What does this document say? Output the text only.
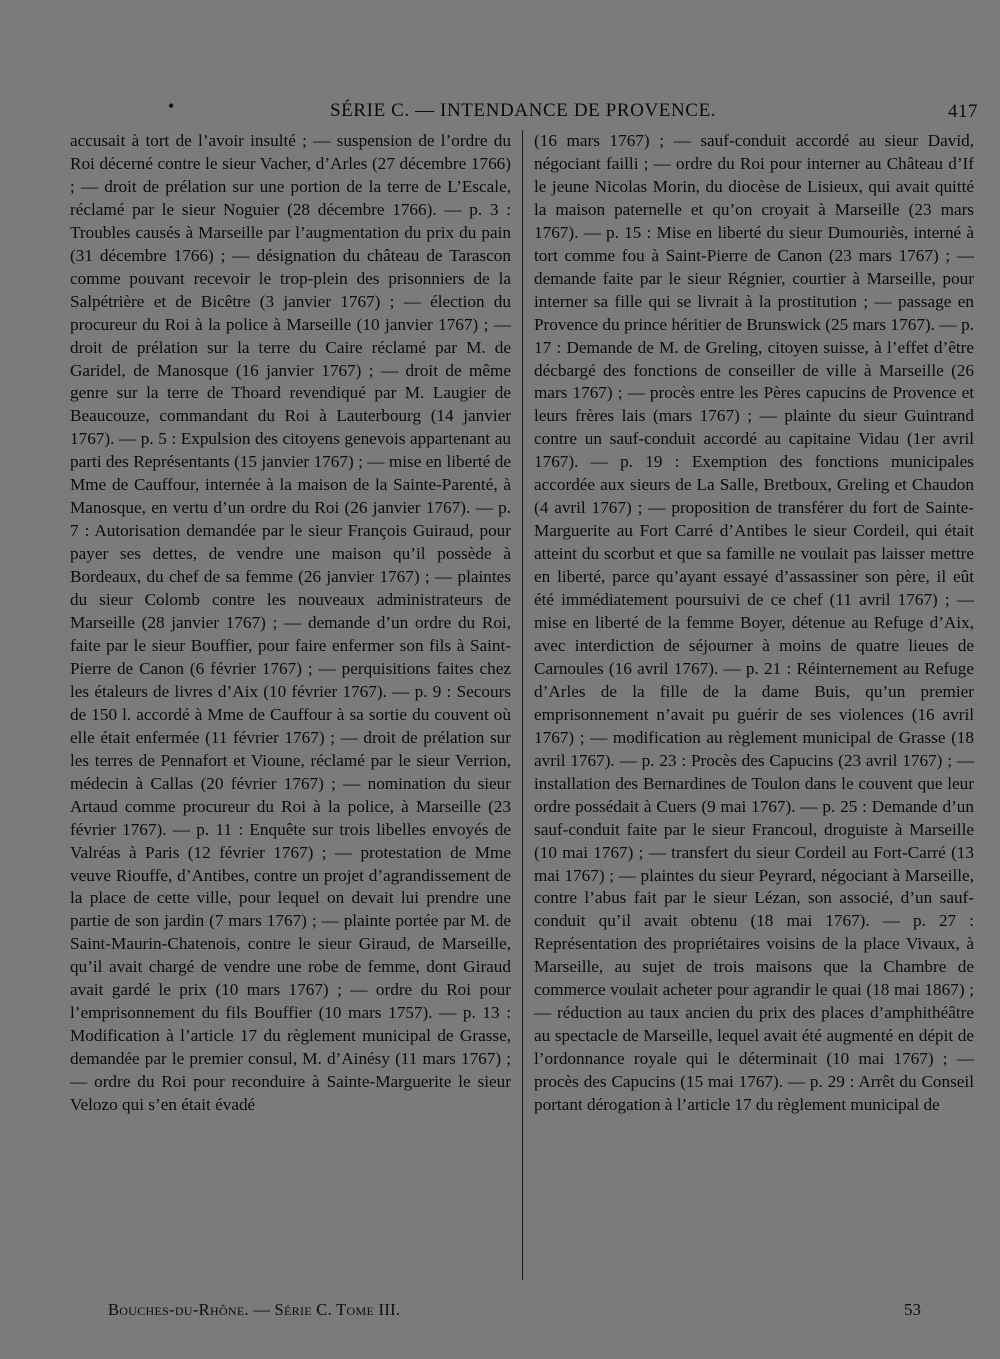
•	SÉRIE C. — INTENDANCE DE PROVENCE.	417
accusait à tort de l’avoir insulté ; — suspension de l’ordre du Roi décerné contre le sieur Vacher, d’Arles (27 décembre 1766) ; — droit de prélation sur une portion de la terre de L’Escale, réclamé par le sieur Noguier (28 décembre 1766). — p. 3 : Troubles causés à Marseille par l’augmentation du prix du pain (31 décembre 1766) ; — désignation du château de Tarascon comme pouvant recevoir le trop-plein des prisonniers de la Salpétrière et de Bicêtre (3 janvier 1767) ; — élection du procureur du Roi à la police à Marseille (10 janvier 1767) ; — droit de prélation sur la terre du Caire réclamé par M. de Garidel, de Manosque (16 janvier 1767) ; — droit de même genre sur la terre de Thoard revendiqué par M. Laugier de Beaucouze, commandant du Roi à Lauterbourg (14 janvier 1767). — p. 5 : Expulsion des citoyens genevois appartenant au parti des Représentants (15 janvier 1767) ; — mise en liberté de Mme de Cauffour, internée à la maison de la Sainte-Parenté, à Manosque, en vertu d’un ordre du Roi (26 janvier 1767). — p. 7 : Autorisation demandée par le sieur François Guiraud, pour payer ses dettes, de vendre une maison qu’il possède à Bordeaux, du chef de sa femme (26 janvier 1767) ; — plaintes du sieur Colomb contre les nouveaux administrateurs de Marseille (28 janvier 1767) ; — demande d’un ordre du Roi, faite par le sieur Bouffier, pour faire enfermer son fils à Saint-Pierre de Canon (6 février 1767) ; — perquisitions faites chez les étaleurs de livres d’Aix (10 février 1767). — p. 9 : Secours de 150 l. accordé à Mme de Cauffour à sa sortie du couvent où elle était enfermée (11 février 1767) ; — droit de prélation sur les terres de Pennafort et Vioune, réclamé par le sieur Verrion, médecin à Callas (20 février 1767) ; — nomination du sieur Artaud comme procureur du Roi à la police, à Marseille (23 février 1767). — p. 11 : Enquête sur trois libelles envoyés de Valréas à Paris (12 février 1767) ; — protestation de Mme veuve Riouffe, d’Antibes, contre un projet d’agrandissement de la place de cette ville, pour lequel on devait lui prendre une partie de son jardin (7 mars 1767) ; — plainte portée par M. de Saint-Maurin-Chatenois, contre le sieur Giraud, de Marseille, qu’il avait chargé de vendre une robe de femme, dont Giraud avait gardé le prix (10 mars 1767) ; — ordre du Roi pour l’emprisonnement du fils Bouffier (10 mars 1757). — p. 13 : Modification à l’article 17 du règlement municipal de Grasse, demandée par le premier consul, M. d’Ainésy (11 mars 1767) ; — ordre du Roi pour reconduire à Sainte-Marguerite le sieur Velozo qui s’en était évadé
(16 mars 1767) ; — sauf-conduit accordé au sieur David, négociant failli ; — ordre du Roi pour interner au Château d’If le jeune Nicolas Morin, du diocèse de Lisieux, qui avait quitté la maison paternelle et qu’on croyait à Marseille (23 mars 1767). — p. 15 : Mise en liberté du sieur Dumouriès, interné à tort comme fou à Saint-Pierre de Canon (23 mars 1767) ; — demande faite par le sieur Régnier, courtier à Marseille, pour interner sa fille qui se livrait à la prostitution ; — passage en Provence du prince héritier de Brunswick (25 mars 1767). — p. 17 : Demande de M. de Greling, citoyen suisse, à l’effet d’être décbargé des fonctions de conseiller de ville à Marseille (26 mars 1767) ; — procès entre les Pères capucins de Provence et leurs frères lais (mars 1767) ; — plainte du sieur Guintrand contre un sauf-conduit accordé au capitaine Vidau (1er avril 1767). — p. 19 : Exemption des fonctions municipales accordée aux sieurs de La Salle, Bretboux, Greling et Chaudon (4 avril 1767) ; — proposition de transférer du fort de Sainte-Marguerite au Fort Carré d’Antibes le sieur Cordeil, qui était atteint du scorbut et que sa famille ne voulait pas laisser mettre en liberté, parce qu’ayant essayé d’assassiner son père, il eût été immédiatement poursuivi de ce chef (11 avril 1767) ; — mise en liberté de la femme Boyer, détenue au Refuge d’Aix, avec interdiction de séjourner à moins de quatre lieues de Carnoules (16 avril 1767). — p. 21 : Réinternement au Refuge d’Arles de la fille de la dame Buis, qu’un premier emprisonnement n’avait pu guérir de ses violences (16 avril 1767) ; — modification au règlement municipal de Grasse (18 avril 1767). — p. 23 : Procès des Capucins (23 avril 1767) ; — installation des Bernardines de Toulon dans le couvent que leur ordre possédait à Cuers (9 mai 1767). — p. 25 : Demande d’un sauf-conduit faite par le sieur Francoul, droguiste à Marseille (10 mai 1767) ; — transfert du sieur Cordeil au Fort-Carré (13 mai 1767) ; — plaintes du sieur Peyrard, négociant à Marseille, contre l’abus fait par le sieur Lézan, son associé, d’un sauf-conduit qu’il avait obtenu (18 mai 1767). — p. 27 : Représentation des propriétaires voisins de la place Vivaux, à Marseille, au sujet de trois maisons que la Chambre de commerce voulait acheter pour agrandir le quai (18 mai 1867) ; — réduction au taux ancien du prix des places d’amphithéâtre au spectacle de Marseille, lequel avait été augmenté en dépit de l’ordonnance royale qui le déterminait (10 mai 1767) ; — procès des Capucins (15 mai 1767). — p. 29 : Arrêt du Conseil portant dérogation à l’article 17 du règlement municipal de
Bouches-du-Rhône. — Série C. Tome III.	53
